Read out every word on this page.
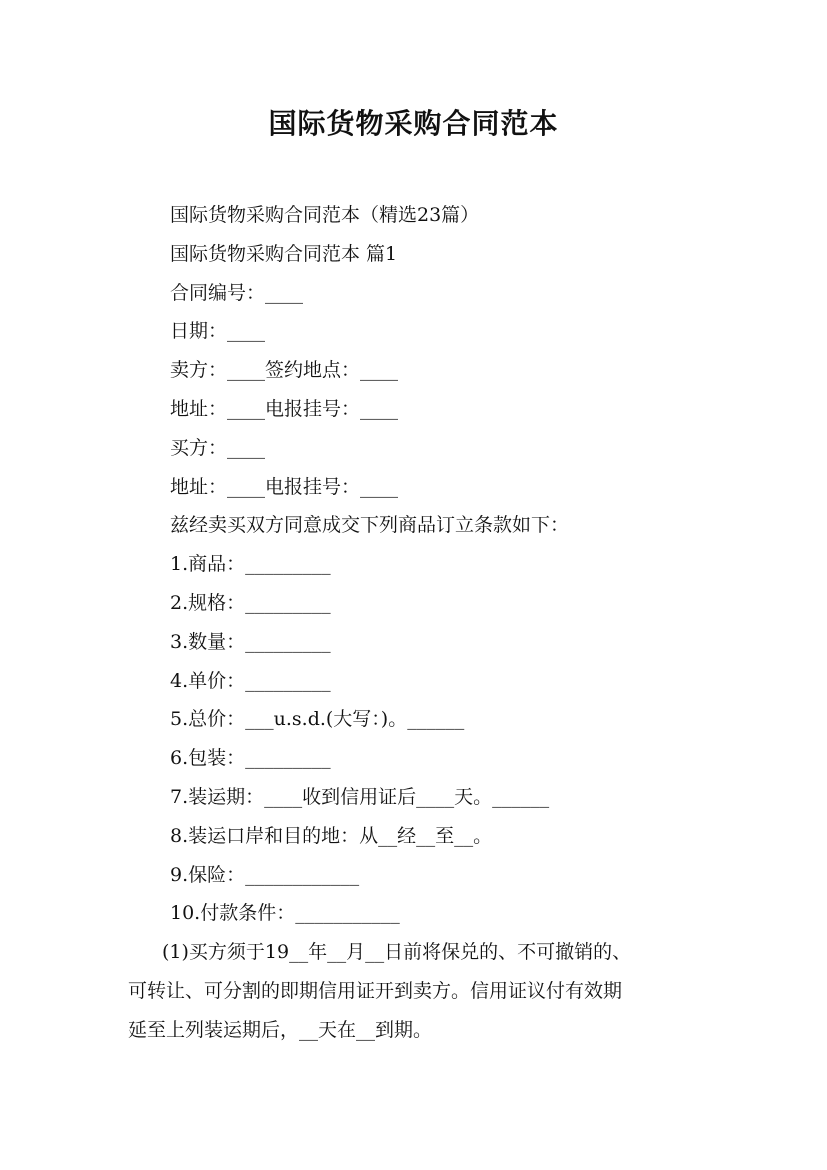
国际货物采购合同范本
国际货物采购合同范本（精选23篇）
国际货物采购合同范本 篇1
合同编号：____
日期：____
卖方：____签约地点：____
地址：____电报挂号：____
买方：____
地址：____电报挂号：____
兹经卖买双方同意成交下列商品订立条款如下：
1.商品：_________
2.规格：_________
3.数量：_________
4.单价：_________
5.总价：___u.s.d.(大写：)。______
6.包装：_________
7.装运期：____收到信用证后____天。______
8.装运口岸和目的地：从__经__至__。
9.保险：____________
10.付款条件：___________
(1)买方须于19__年__月__日前将保兑的、不可撤销的、
可转让、可分割的即期信用证开到卖方。信用证议付有效期
延至上列装运期后，__天在__到期。
